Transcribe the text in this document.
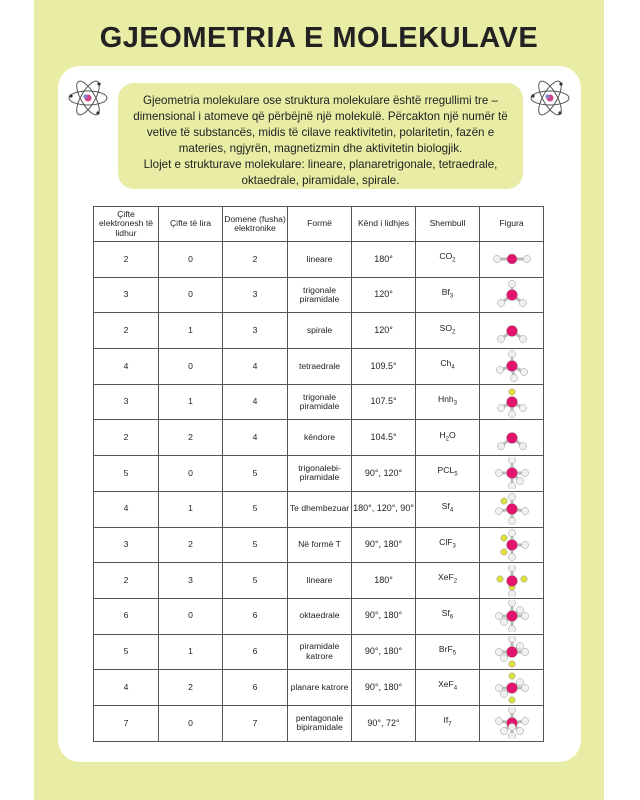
GJEOMETRIA E MOLEKULAVE
Gjeometria molekulare ose struktura molekulare është rregullimi tre – dimensional i atomeve që përbëjnë një molekulë. Përcakton një numër të vetive të substancës, midis të cilave reaktivitetin, polaritetin, fazën e materies, ngjyrën, magnetizmin dhe aktivitetin biologjik.
Llojet e strukturave molekulare: lineare, planaretrigonale, tetraedrale, oktaedrale, piramidale, spirale.
Çifte elektronesh të lidhur	Çifte të lira	Domene (fusha) elektronike	Formë	Kënd i lidhjes	Shembull	Figura
2	0	2	lineare	180°	$CO_2$	

3	0	3	trigonale piramidale	120°	$Bf_3$	

2	1	3	spirale	120°	$SO_2$	

4	0	4	tetraedrale	109.5°	$Ch_4$	

3	1	4	trigonale piramidale	107.5°	Hnh$_3$	

2	2	4	këndore	104.5°	$H_2O$	

5	0	5	trigonalebi- piramidale	90°, 120°	$PCL_5$	

4	1	5	Te dhembezuar	180°, 120°, 90°	$Sf_4$	

3	2	5	Në formë T	90°, 180°	ClF$_3$	

2	3	5	lineare	180°	XeF$_2$	

6	0	6	oktaedrale	90°, 180°	$Sf_6$	

5	1	6	piramidale katrore	90°, 180°	BrF$_5$	

4	2	6	planare katrore	90°, 180°	XeF$_4$	

7	0	7	pentagonale bipiramidale	90°, 72°	$If_7$	
